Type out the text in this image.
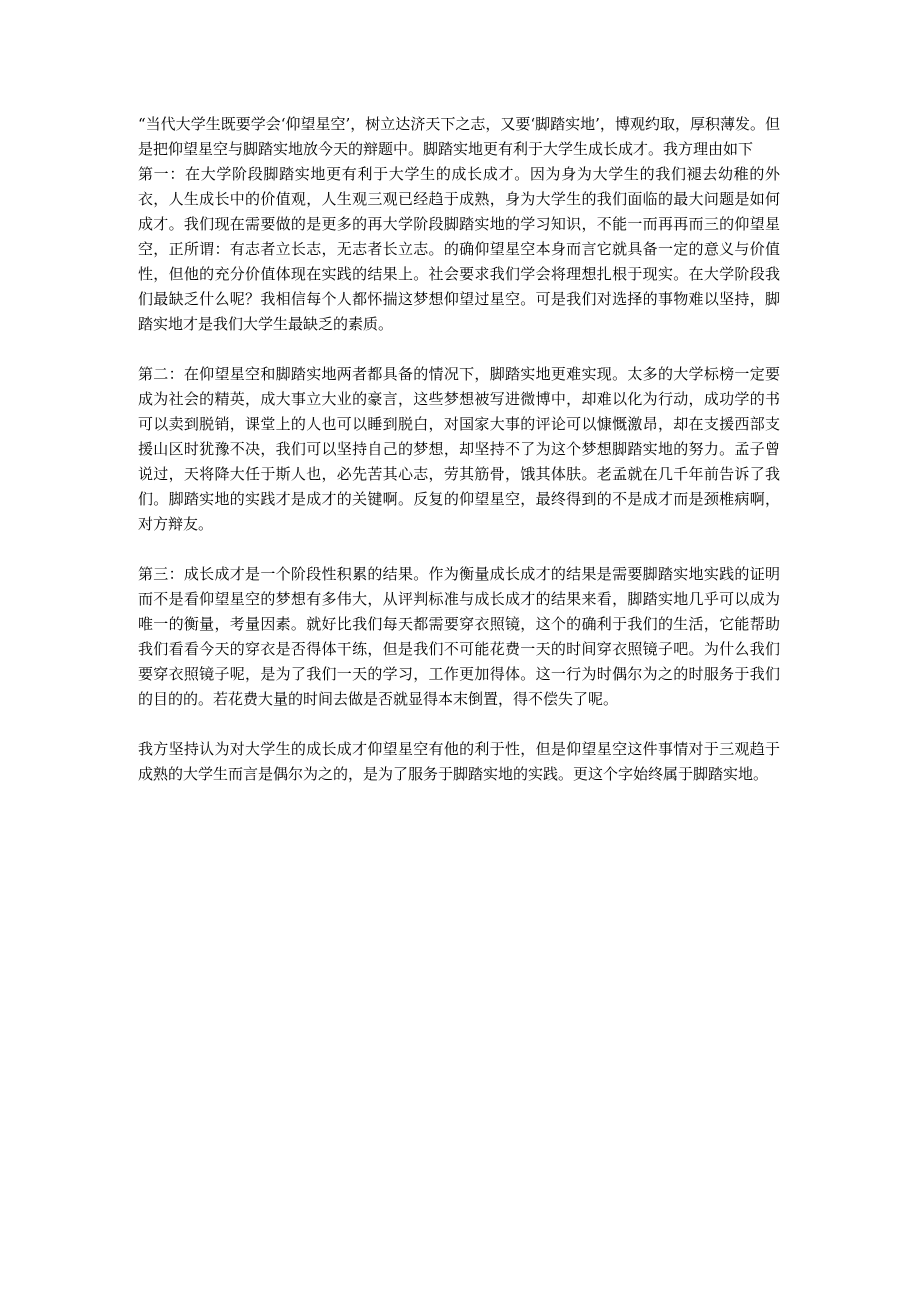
“当代大学生既要学会‘仰望星空’，树立达济天下之志，又要‘脚踏实地’，博观约取，厚积薄发。但是把仰望星空与脚踏实地放今天的辩题中。脚踏实地更有利于大学生成长成才。我方理由如下

第一：在大学阶段脚踏实地更有利于大学生的成长成才。因为身为大学生的我们褪去幼稚的外衣，人生成长中的价值观，人生观三观已经趋于成熟，身为大学生的我们面临的最大问题是如何成才。我们现在需要做的是更多的再大学阶段脚踏实地的学习知识，不能一而再再而三的仰望星空，正所谓：有志者立长志，无志者长立志。的确仰望星空本身而言它就具备一定的意义与价值性，但他的充分价值体现在实践的结果上。社会要求我们学会将理想扎根于现实。在大学阶段我们最缺乏什么呢？我相信每个人都怀揣这梦想仰望过星空。可是我们对选择的事物难以坚持，脚踏实地才是我们大学生最缺乏的素质。

第二：在仰望星空和脚踏实地两者都具备的情况下，脚踏实地更难实现。太多的大学标榜一定要成为社会的精英，成大事立大业的豪言，这些梦想被写进微博中，却难以化为行动，成功学的书可以卖到脱销，课堂上的人也可以睡到脱白，对国家大事的评论可以慷慨激昂，却在支援西部支援山区时犹豫不决，我们可以坚持自己的梦想，却坚持不了为这个梦想脚踏实地的努力。孟子曾说过，天将降大任于斯人也，必先苦其心志，劳其筋骨，饿其体肤。老孟就在几千年前告诉了我们。脚踏实地的实践才是成才的关键啊。反复的仰望星空，最终得到的不是成才而是颈椎病啊，对方辩友。

第三：成长成才是一个阶段性积累的结果。作为衡量成长成才的结果是需要脚踏实地实践的证明而不是看仰望星空的梦想有多伟大，从评判标准与成长成才的结果来看，脚踏实地几乎可以成为唯一的衡量，考量因素。就好比我们每天都需要穿衣照镜，这个的确利于我们的生活，它能帮助我们看看今天的穿衣是否得体干练，但是我们不可能花费一天的时间穿衣照镜子吧。为什么我们要穿衣照镜子呢，是为了我们一天的学习，工作更加得体。这一行为时偶尔为之的时服务于我们的目的的。若花费大量的时间去做是否就显得本末倒置，得不偿失了呢。

我方坚持认为对大学生的成长成才仰望星空有他的利于性，但是仰望星空这件事情对于三观趋于成熟的大学生而言是偶尔为之的，是为了服务于脚踏实地的实践。更这个字始终属于脚踏实地。
